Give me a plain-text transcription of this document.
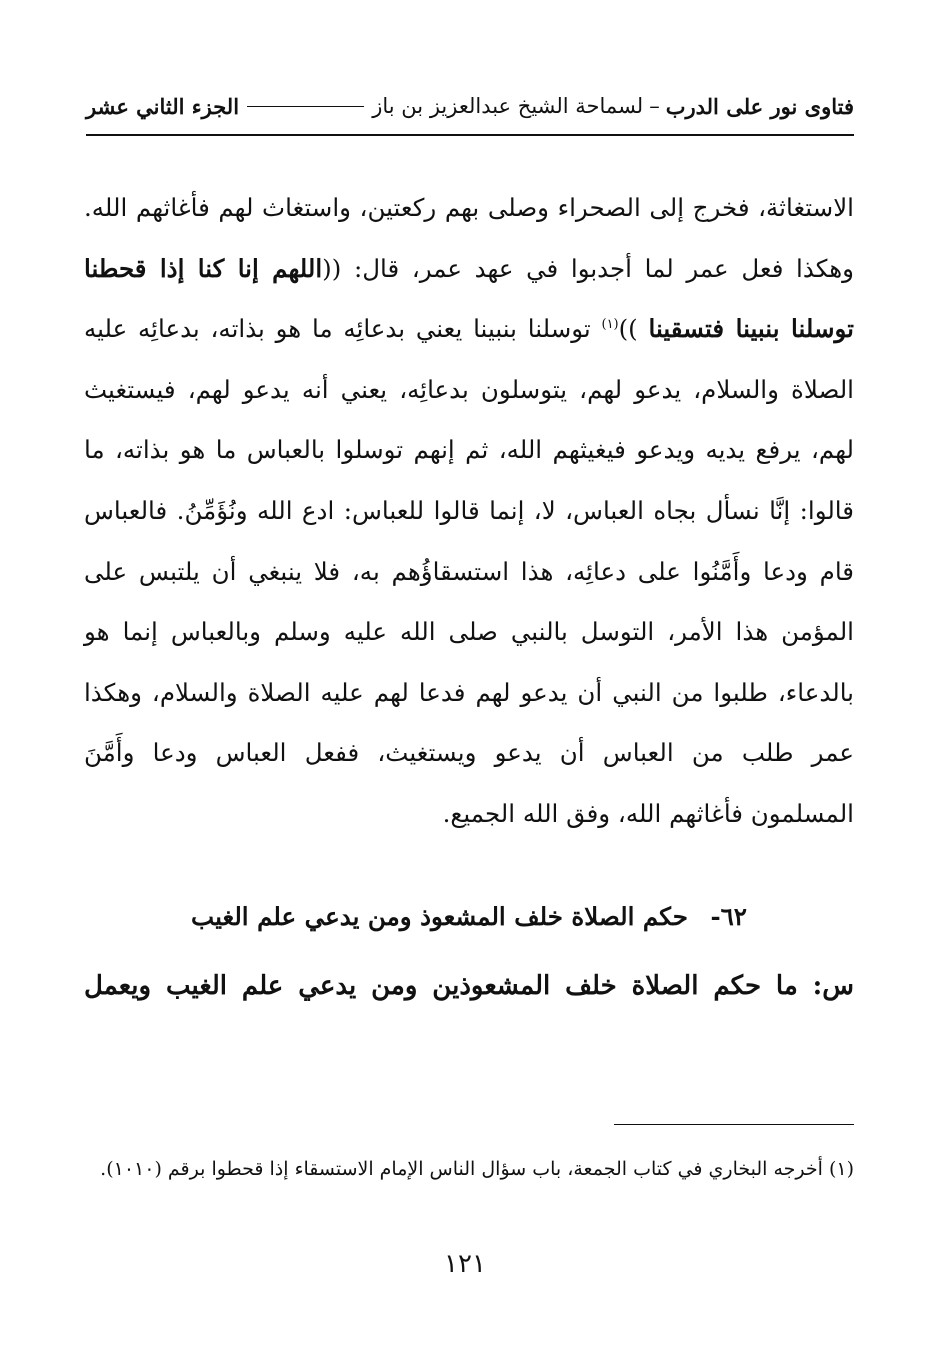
فتاوى نور على الدرب
–
لسماحة الشيخ عبدالعزيز بن باز
الجزء الثاني عشر

الاستغاثة، فخرج إلى الصحراء وصلى بهم ركعتين، واستغاث لهم فأغاثهم الله. وهكذا فعل عمر لما أجدبوا في عهد عمر، قال: ((اللهم إنا كنا إذا قحطنا توسلنا بنبينا فتسقينا ))$^{(١)}$ توسلنا بنبينا يعني بدعائِه ما هو بذاته، بدعائِه عليه الصلاة والسلام، يدعو لهم، يتوسلون بدعائِه، يعني أنه يدعو لهم، فيستغيث لهم، يرفع يديه ويدعو فيغيثهم الله، ثم إنهم توسلوا بالعباس ما هو بذاته، ما قالوا: إنَّا نسأل بجاه العباس، لا، إنما قالوا للعباس: ادع الله ونُؤَمِّنُ. فالعباس قام ودعا وأَمَّنُوا على دعائِه، هذا استسقاؤُهم به، فلا ينبغي أن يلتبس على المؤمن هذا الأمر، التوسل بالنبي صلى الله عليه وسلم وبالعباس إنما هو بالدعاء، طلبوا من النبي أن يدعو لهم فدعا لهم عليه الصلاة والسلام، وهكذا عمر طلب من العباس أن يدعو ويستغيث، ففعل العباس ودعا وأَمَّنَ المسلمون فأغاثهم الله، وفق الله الجميع.

٦٢- حكم الصلاة خلف المشعوذ ومن يدعي علم الغيب
س: ما حكم الصلاة خلف المشعوذين ومن يدعي علم الغيب ويعمل

(١) أخرجه البخاري في كتاب الجمعة، باب سؤال الناس الإمام الاستسقاء إذا قحطوا برقم (١٠١٠).

١٢١
